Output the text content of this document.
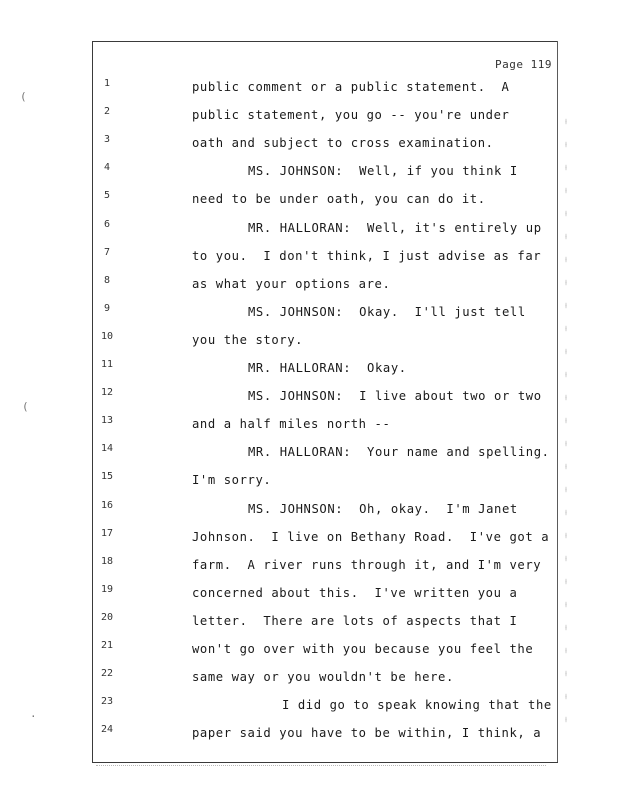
(
(
·
Page 119
1	public comment or a public statement.  A
2	public statement, you go -- you're under
3	oath and subject to cross examination.
4	MS. JOHNSON:  Well, if you think I
5	need to be under oath, you can do it.
6	MR. HALLORAN:  Well, it's entirely up
7	to you.  I don't think, I just advise as far
8	as what your options are.
9	MS. JOHNSON:  Okay.  I'll just tell
10	you the story.
11	MR. HALLORAN:  Okay.
12	MS. JOHNSON:  I live about two or two
13	and a half miles north --
14	MR. HALLORAN:  Your name and spelling.
15	I'm sorry.
16	MS. JOHNSON:  Oh, okay.  I'm Janet
17	Johnson.  I live on Bethany Road.  I've got a
18	farm.  A river runs through it, and I'm very
19	concerned about this.  I've written you a
20	letter.  There are lots of aspects that I
21	won't go over with you because you feel the
22	same way or you wouldn't be here.
23	I did go to speak knowing that the
24	paper said you have to be within, I think, a
